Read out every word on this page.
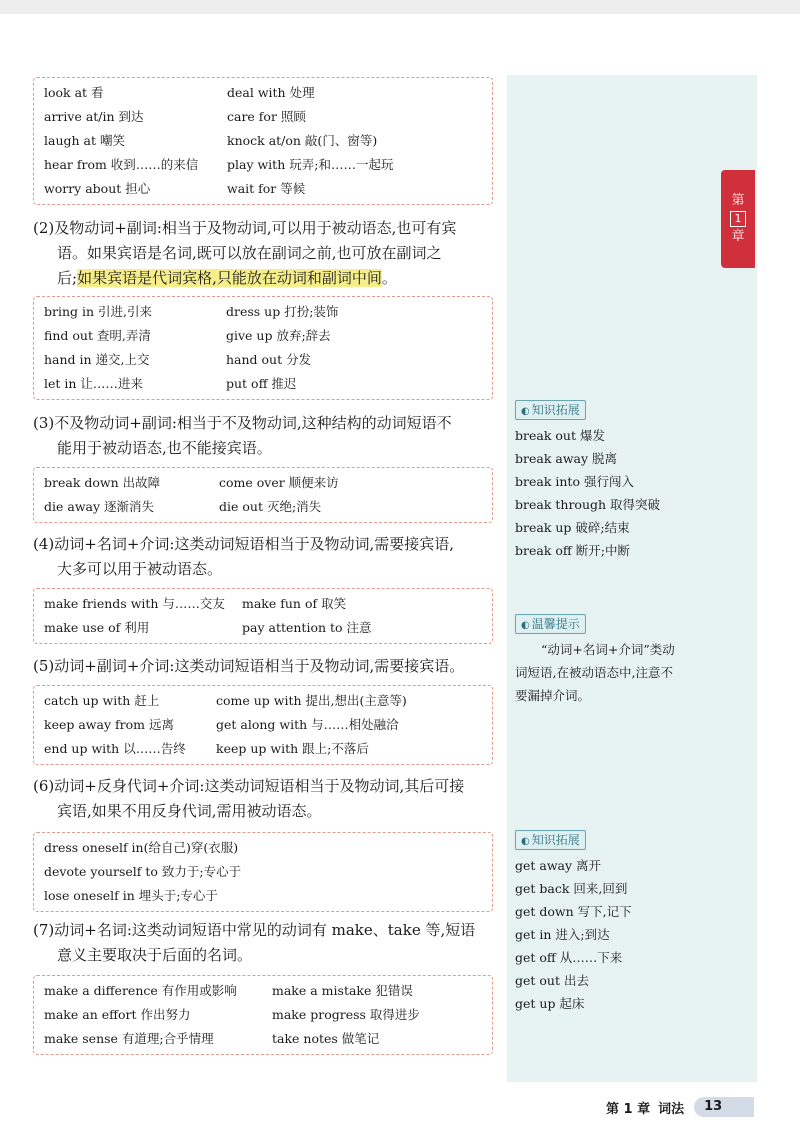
第
1
章
look at 看	deal with 处理
arrive at/in 到达	care for 照顾
laugh at 嘲笑	knock at/on 敲(门、窗等)
hear from 收到……的来信 play with 玩弄;和……一起玩
worry about 担心	wait for 等候
(2)及物动词+副词:相当于及物动词,可以用于被动语态,也可有宾
语。如果宾语是名词,既可以放在副词之前,也可放在副词之
后;如果宾语是代词宾格,只能放在动词和副词中间。
bring in 引进,引来	dress up 打扮;装饰
find out 查明,弄清	give up 放弃;辞去
hand in 递交,上交	hand out 分发
let in 让……进来	put off 推迟
(3)不及物动词+副词:相当于不及物动词,这种结构的动词短语不
能用于被动语态,也不能接宾语。
break down 出故障	come over 顺便来访
die away 逐渐消失	die out 灭绝;消失
(4)动词+名词+介词:这类动词短语相当于及物动词,需要接宾语,
大多可以用于被动语态。
make friends with 与……交友 make fun of 取笑
make use of 利用	pay attention to 注意
(5)动词+副词+介词:这类动词短语相当于及物动词,需要接宾语。
catch up with 赶上	come up with 提出,想出(主意等)
keep away from 远离	get along with 与……相处融洽
end up with 以……告终 keep up with 跟上;不落后
(6)动词+反身代词+介词:这类动词短语相当于及物动词,其后可接
宾语,如果不用反身代词,需用被动语态。
dress oneself in(给自己)穿(衣服)
devote yourself to 致力于;专心于
lose oneself in 埋头于;专心于
(7)动词+名词:这类动词短语中常见的动词有 make、take 等,短语
意义主要取决于后面的名词。
make a difference 有作用或影响	make a mistake 犯错误
make an effort 作出努力	make progress 取得进步
make sense 有道理;合乎情理	take notes 做笔记
◐ 知识拓展
break out 爆发
break away 脱离
break into 强行闯入
break through 取得突破
break up 破碎;结束
break off 断开;中断
◐ 温馨提示
“动词+名词+介词”类动
词短语,在被动语态中,注意不
要漏掉介词。
◐ 知识拓展
get away 离开
get back 回来,回到
get down 写下,记下
get in 进入;到达
get off 从……下来
get out 出去
get up 起床
第 1 章 词法	13
